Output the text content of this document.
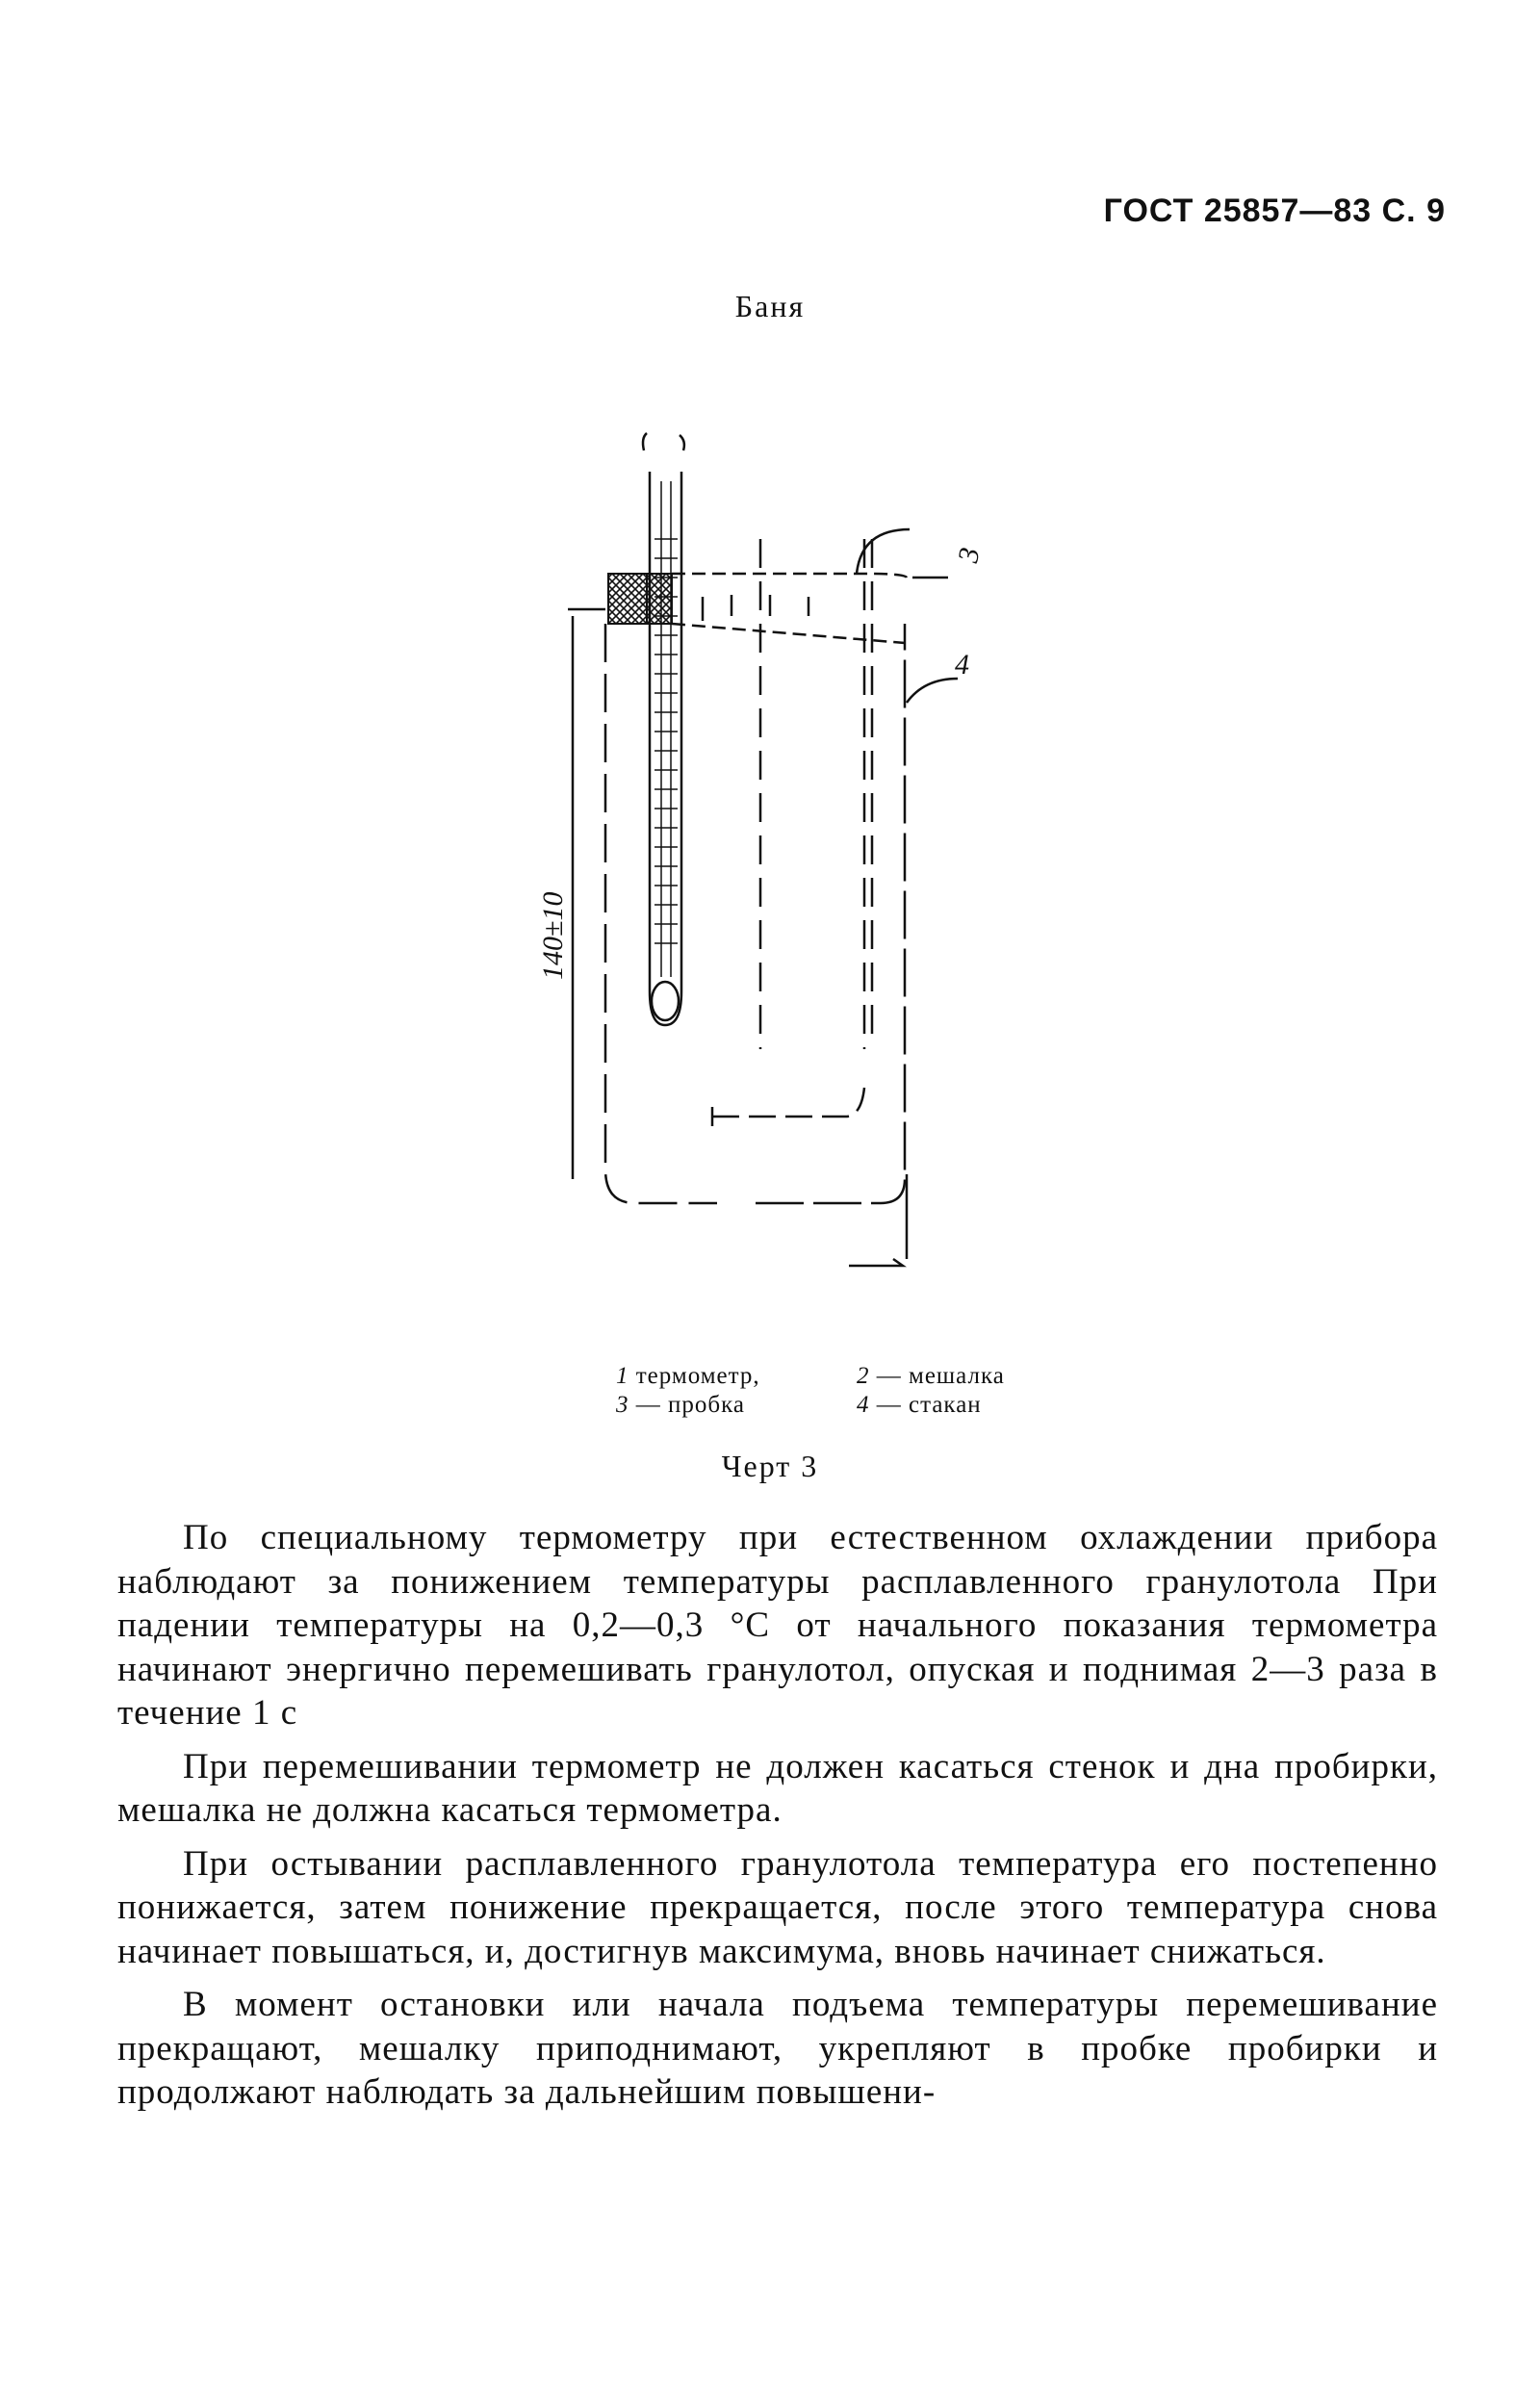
ГОСТ 25857—83 С. 9
Баня
140±10
3
4
1 термометр,	2 — мешалка
3 — пробка	4 — стакан
Черт 3

По специальному термометру при естественном охлаждении прибора наблюдают за понижением температуры расплавленного гранулотола При падении температуры на 0,2—0,3 °С от начального показания термометра начинают энергично перемешивать гранулотол, опуская и поднимая 2—3 раза в течение 1 с

При перемешивании термометр не должен касаться стенок и дна пробирки, мешалка не должна касаться термометра.

При остывании расплавленного гранулотола температура его постепенно понижается, затем понижение прекращается, после этого температура снова начинает повышаться, и, достигнув максимума, вновь начинает снижаться.

В момент остановки или начала подъема температуры перемешивание прекращают, мешалку приподнимают, укрепляют в пробке пробирки и продолжают наблюдать за дальнейшим повышени-
